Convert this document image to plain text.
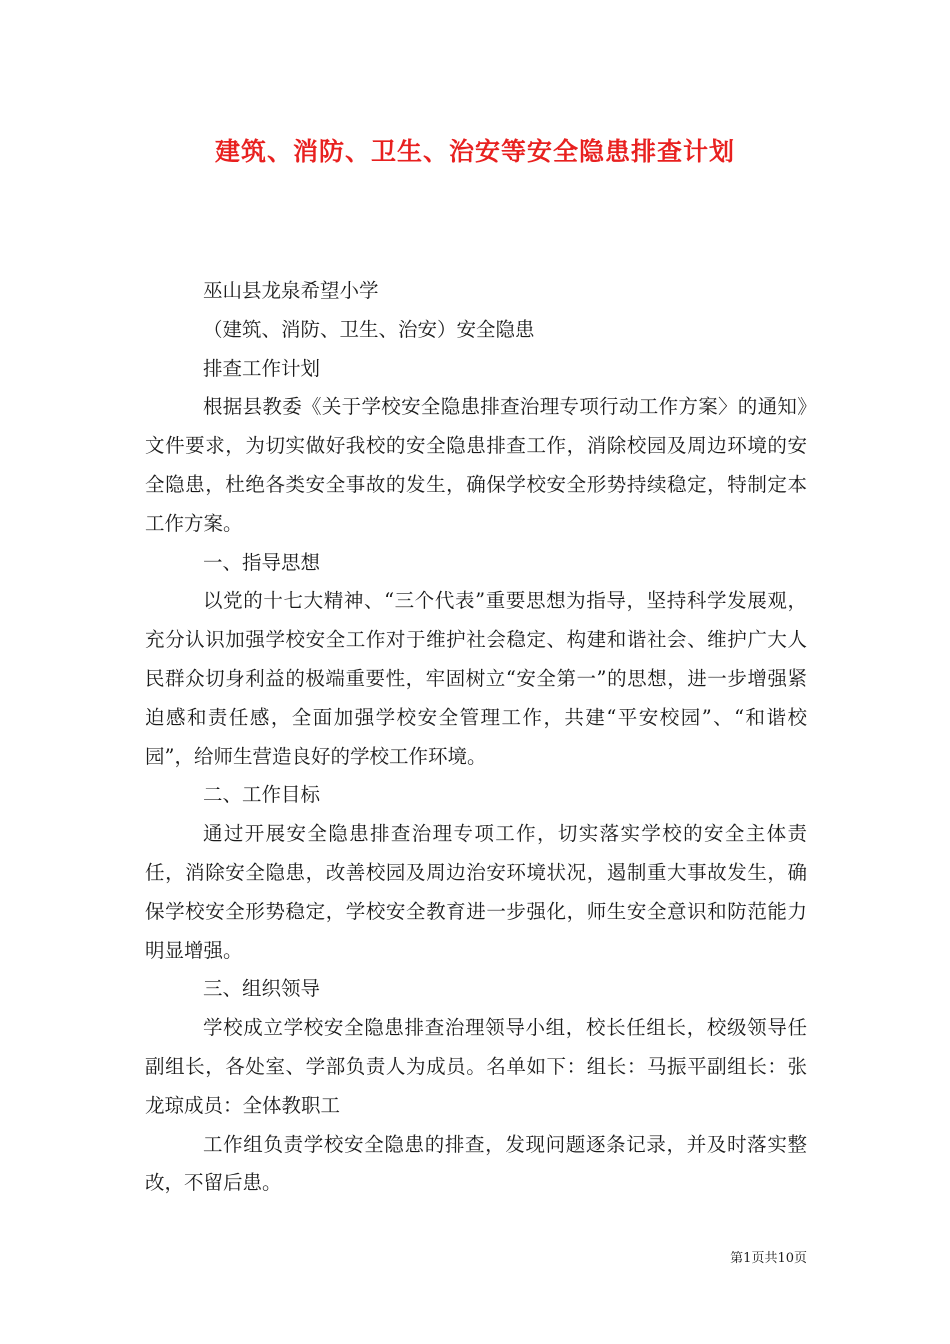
建筑、消防、卫生、治安等安全隐患排查计划

巫山县龙泉希望小学

（建筑、消防、卫生、治安）安全隐患

排查工作计划

根据县教委《关于学校安全隐患排查治理专项行动工作方案〉的通知》文件要求，为切实做好我校的安全隐患排查工作，消除校园及周边环境的安全隐患，杜绝各类安全事故的发生，确保学校安全形势持续稳定，特制定本工作方案。

一、指导思想

以党的十七大精神、“三个代表”重要思想为指导，坚持科学发展观，充分认识加强学校安全工作对于维护社会稳定、构建和谐社会、维护广大人民群众切身利益的极端重要性，牢固树立“安全第一”的思想，进一步增强紧迫感和责任感，全面加强学校安全管理工作，共建“平安校园”、“和谐校园”，给师生营造良好的学校工作环境。

二、工作目标

通过开展安全隐患排查治理专项工作，切实落实学校的安全主体责任，消除安全隐患，改善校园及周边治安环境状况，遏制重大事故发生，确保学校安全形势稳定，学校安全教育进一步强化，师生安全意识和防范能力明显增强。

三、组织领导

学校成立学校安全隐患排查治理领导小组，校长任组长，校级领导任副组长，各处室、学部负责人为成员。名单如下：组长：马振平副组长：张龙琼成员：全体教职工

工作组负责学校安全隐患的排查，发现问题逐条记录，并及时落实整改，不留后患。

第1页共10页
